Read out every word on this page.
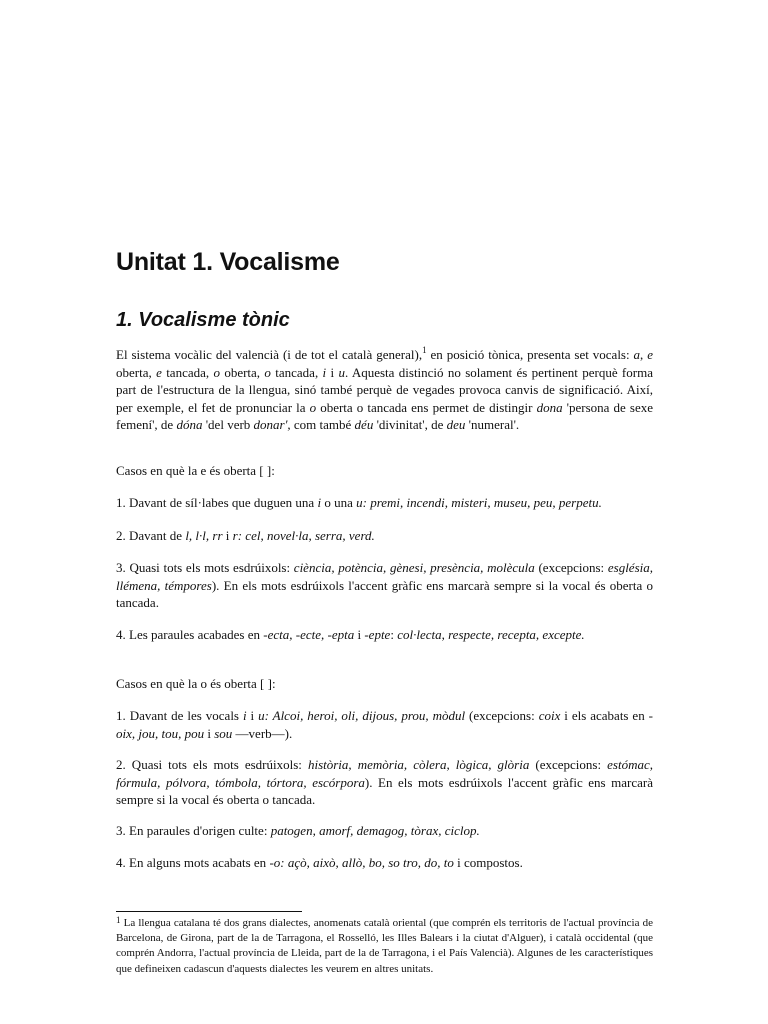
Unitat 1. Vocalisme
1. Vocalisme tònic

El sistema vocàlic del valencià (i de tot el català general),$^1$ en posició tònica, presenta set vocals: a, e oberta, e tancada, o oberta, o tancada, i i u. Aquesta distinció no solament és pertinent perquè forma part de l'estructura de la llengua, sinó també perquè de vegades provoca canvis de significació. Així, per exemple, el fet de pronunciar la o oberta o tancada ens permet de distingir dona 'persona de sexe femení', de dóna 'del verb donar', com també déu 'divinitat', de deu 'numeral'.

Casos en què la e és oberta [ ]:

1. Davant de síl·labes que duguen una i o una u: premi, incendi, misteri, museu, peu, perpetu.

2. Davant de l, l·l, rr i r: cel, novel·la, serra, verd.

3. Quasi tots els mots esdrúixols: ciència, potència, gènesi, presència, molècula (excepcions: església, llémena, témpores). En els mots esdrúixols l'accent gràfic ens marcarà sempre si la vocal és oberta o tancada.

4. Les paraules acabades en -ecta, -ecte, -epta i -epte: col·lecta, respecte, recepta, excepte.

Casos en què la o és oberta [ ]:

1. Davant de les vocals i i u: Alcoi, heroi, oli, dijous, prou, mòdul (excepcions: coix i els acabats en -oix, jou, tou, pou i sou —verb—).

2. Quasi tots els mots esdrúixols: història, memòria, còlera, lògica, glòria (excepcions: estómac, fórmula, pólvora, tómbola, tórtora, escórpora). En els mots esdrúixols l'accent gràfic ens marcarà sempre si la vocal és oberta o tancada.

3. En paraules d'origen culte: patogen, amorf, demagog, tòrax, ciclop.

4. En alguns mots acabats en -o: açò, això, allò, bo, so tro, do, to i compostos.

$^1$ La llengua catalana té dos grans dialectes, anomenats català oriental (que comprén els territoris de l'actual província de Barcelona, de Girona, part de la de Tarragona, el Rosselló, les Illes Balears i la ciutat d'Alguer), i català occidental (que comprén Andorra, l'actual província de Lleida, part de la de Tarragona, i el País Valencià). Algunes de les característiques que defineixen cadascun d'aquests dialectes les veurem en altres unitats.
